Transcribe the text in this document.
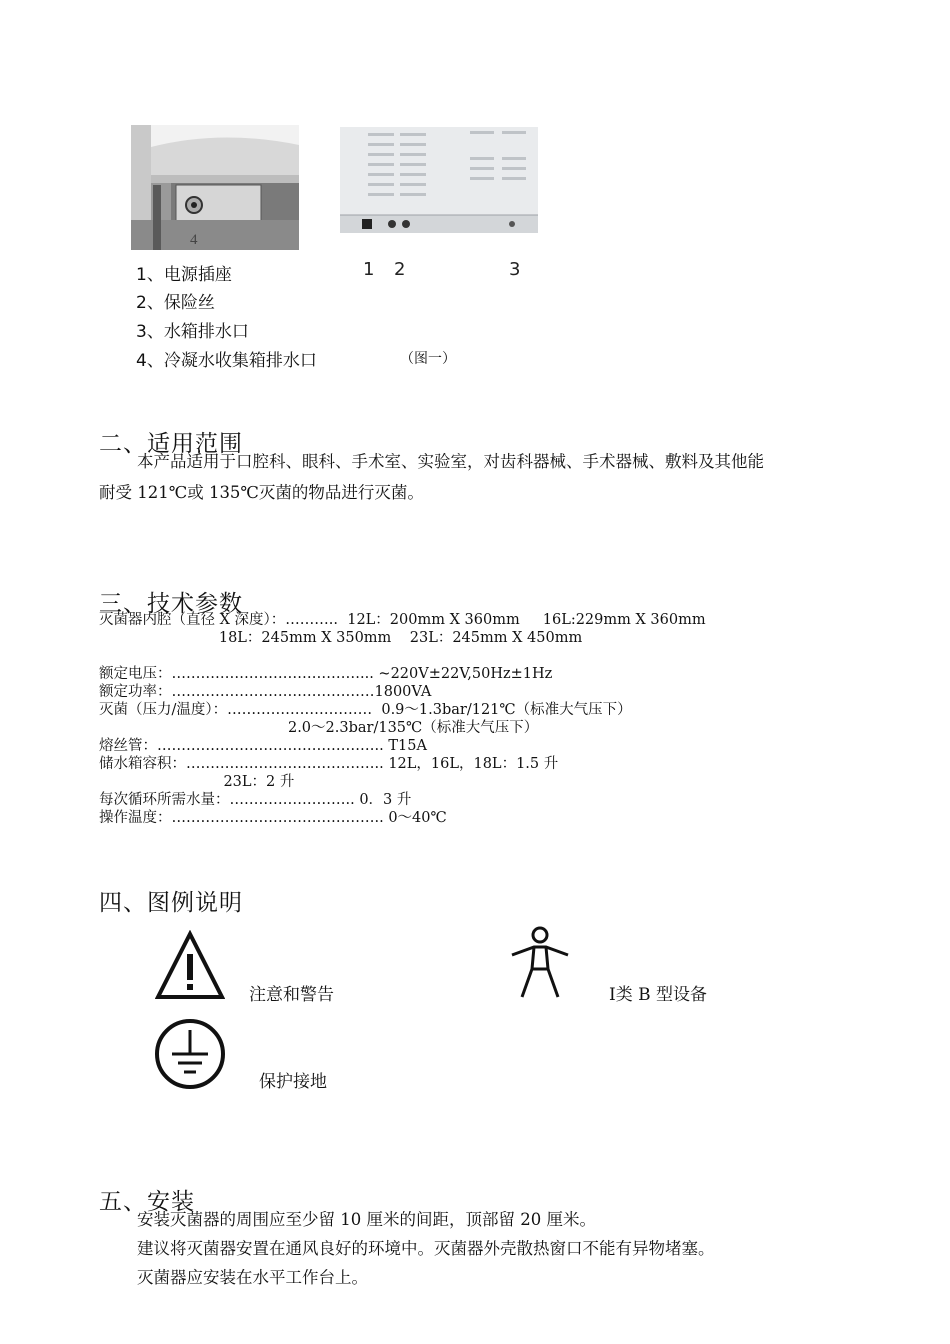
4
1 2	3
1、电源插座
2、保险丝
3、水箱排水口
4、冷凝水收集箱排水口	（图一）
二、适用范围
本产品适用于口腔科、眼科、手术室、实验室，对齿科器械、手术器械、敷料及其他能
耐受 121℃或 135℃灭菌的物品进行灭菌。
三、技术参数
灭菌器内腔（直径 X 深度）：………..  12L：200mm X 360mm     16L:229mm X 360mm
18L：245mm X 350mm    23L：245mm X 450mm

额定电压：…………………………………... ~220V±22V,50Hz±1Hz
额定功率：……………………………………1800VA
灭菌（压力/温度）：…………………………  0.9～1.3bar/121℃（标准大气压下）
2.0～2.3bar/135℃（标准大气压下）
熔丝管：……………………………………….. T15A
储水箱容积：………………………………….. 12L，16L，18L：1.5 升
23L：2 升
每次循环所需水量：…………………….. 0．3 升
操作温度：…………………………………….. 0～40℃
四、图例说明
注意和警告	Ⅰ类 B 型设备
保护接地
五、安装
安装灭菌器的周围应至少留 10 厘米的间距，顶部留 20 厘米。
建议将灭菌器安置在通风良好的环境中。灭菌器外壳散热窗口不能有异物堵塞。
灭菌器应安装在水平工作台上。
